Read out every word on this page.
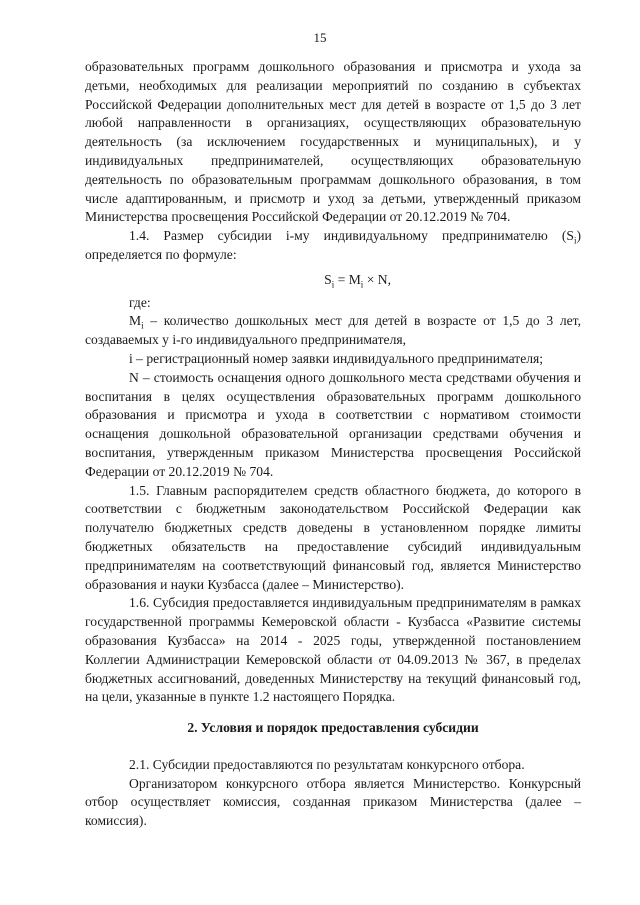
15

образовательных программ дошкольного образования и присмотра и ухода за детьми, необходимых для реализации мероприятий по созданию в субъектах Российской Федерации дополнительных мест для детей в возрасте от 1,5 до 3 лет любой направленности в организациях, осуществляющих образовательную деятельность (за исключением государственных и муниципальных), и у индивидуальных предпринимателей, осуществляющих образовательную деятельность по образовательным программам дошкольного образования, в том числе адаптированным, и присмотр и уход за детьми, утвержденный приказом Министерства просвещения Российской Федерации от 20.12.2019 № 704.

1.4. Размер субсидии i-му индивидуальному предпринимателю $(S_i)$ определяется по формуле:

$S_i = M_i \times N$,

где:

$M_i$ – количество дошкольных мест для детей в возрасте от 1,5 до 3 лет, создаваемых у i-го индивидуального предпринимателя,

i – регистрационный номер заявки индивидуального предпринимателя;

N – стоимость оснащения одного дошкольного места средствами обучения и воспитания в целях осуществления образовательных программ дошкольного образования и присмотра и ухода в соответствии с нормативом стоимости оснащения дошкольной образовательной организации средствами обучения и воспитания, утвержденным приказом Министерства просвещения Российской Федерации от 20.12.2019 № 704.

1.5. Главным распорядителем средств областного бюджета, до которого в соответствии с бюджетным законодательством Российской Федерации как получателю бюджетных средств доведены в установленном порядке лимиты бюджетных обязательств на предоставление субсидий индивидуальным предпринимателям на соответствующий финансовый год, является Министерство образования и науки Кузбасса (далее – Министерство).

1.6. Субсидия предоставляется индивидуальным предпринимателям в рамках государственной программы Кемеровской области - Кузбасса «Развитие системы образования Кузбасса» на 2014 - 2025 годы, утвержденной постановлением Коллегии Администрации Кемеровской области от 04.09.2013 № 367, в пределах бюджетных ассигнований, доведенных Министерству на текущий финансовый год, на цели, указанные в пункте 1.2 настоящего Порядка.

2. Условия и порядок предоставления субсидии

2.1. Субсидии предоставляются по результатам конкурсного отбора.

Организатором конкурсного отбора является Министерство. Конкурсный отбор осуществляет комиссия, созданная приказом Министерства (далее – комиссия).
